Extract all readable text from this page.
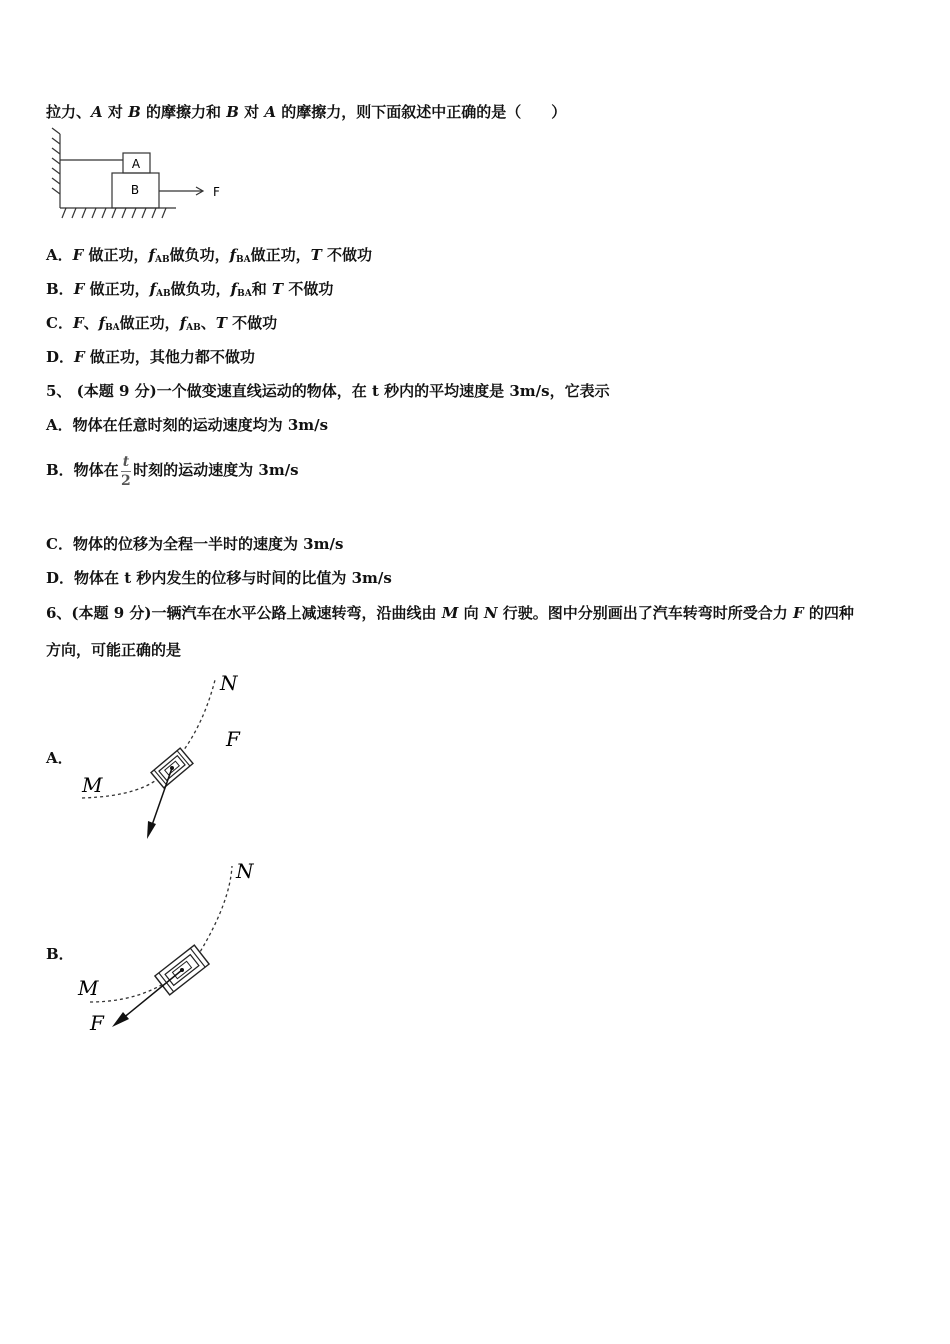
拉力、A 对 B 的摩擦力和 B 对 A 的摩擦力，则下面叙述中正确的是（　　）
A
B	F
A．F 做正功，$f_{AB}$做负功，$f_{BA}$做正功，T 不做功
B．F 做正功，$f_{AB}$做负功，$f_{BA}$和 T 不做功
C．F、$f_{BA}$做正功，$f_{AB}$、T 不做功
D．F 做正功，其他力都不做功
5、 (本题 9 分)一个做变速直线运动的物体，在 t 秒内的平均速度是 3m/s，它表示
A．物体在任意时刻的运动速度均为 3m/s
B．物体在 $\frac{t}{2}$ 时刻的运动速度为 3m/s
C．物体的位移为全程一半时的速度为 3m/s
D．物体在 t 秒内发生的位移与时间的比值为 3m/s
6、(本题 9 分)一辆汽车在水平公路上减速转弯，沿曲线由 M 向 N 行驶。图中分别画出了汽车转弯时所受合力 F 的四种
方向，可能正确的是
A．
M
N
F
B．
M
N
F
